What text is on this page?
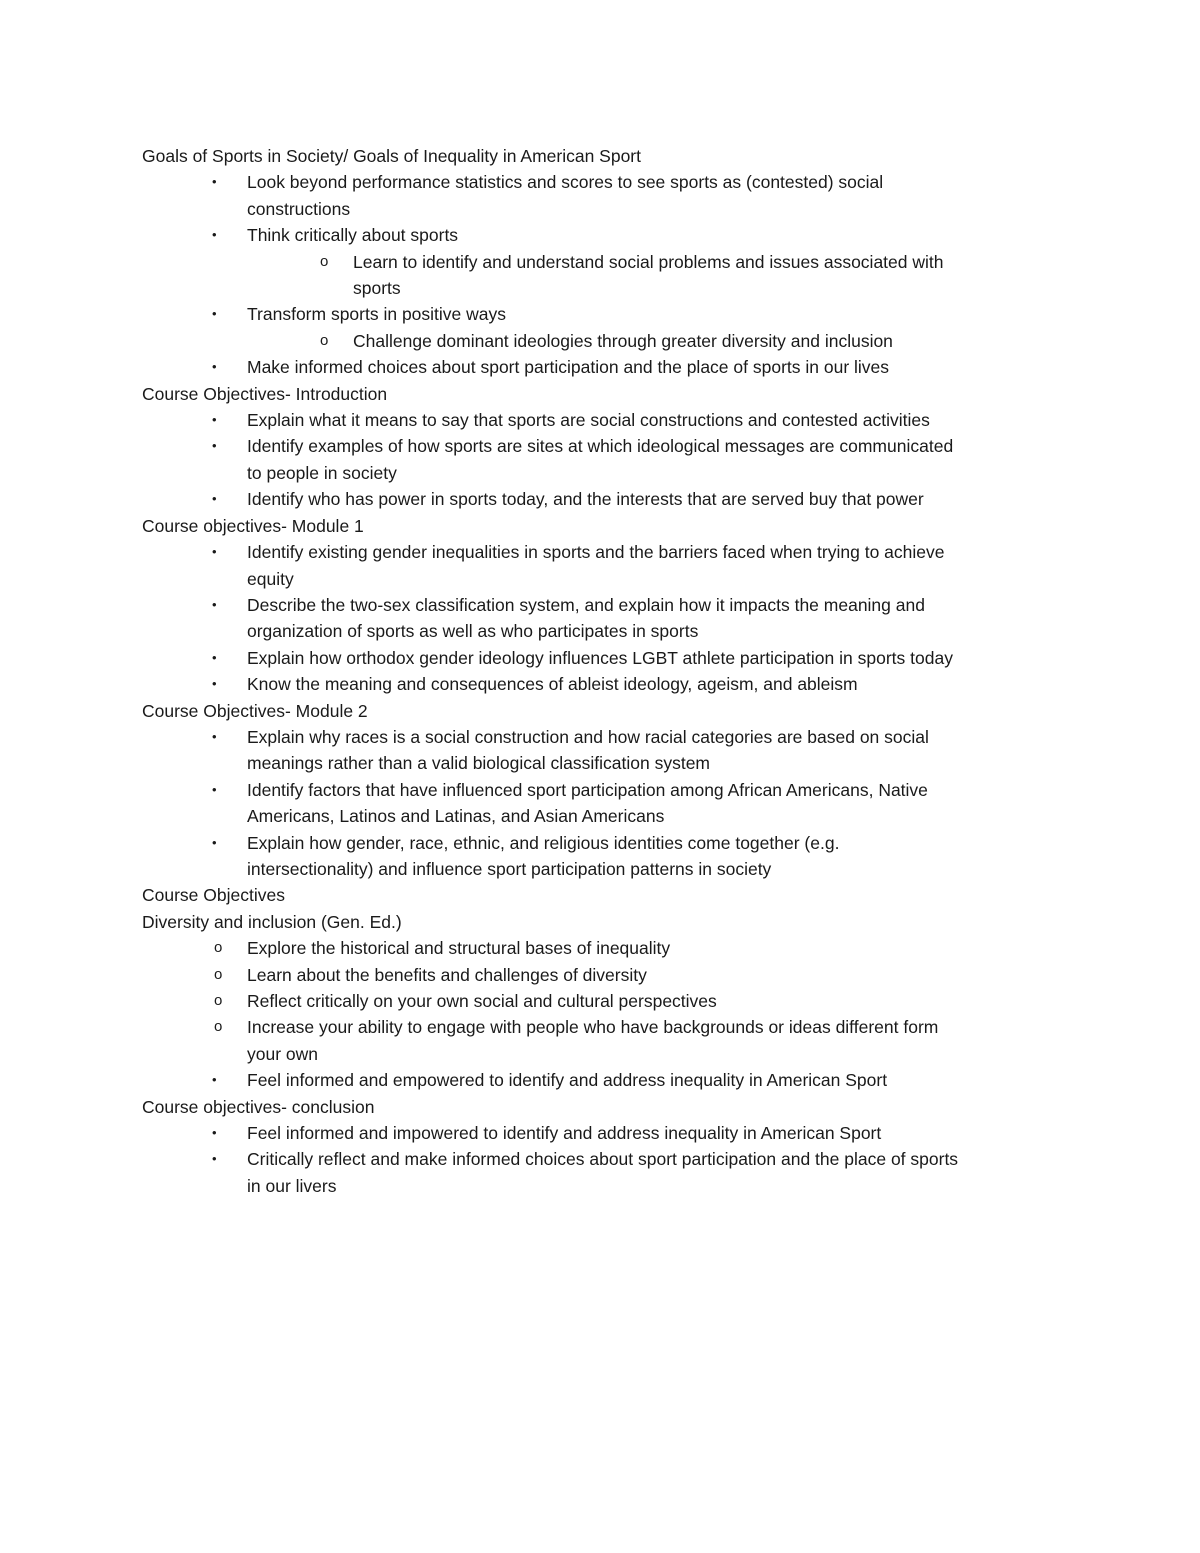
Goals of Sports in Society/ Goals of Inequality in American Sport
• Look beyond performance statistics and scores to see sports as (contested) social
constructions
• Think critically about sports
o Learn to identify and understand social problems and issues associated with
sports
• Transform sports in positive ways
o Challenge dominant ideologies through greater diversity and inclusion
• Make informed choices about sport participation and the place of sports in our lives
Course Objectives- Introduction
• Explain what it means to say that sports are social constructions and contested activities
• Identify examples of how sports are sites at which ideological messages are communicated
to people in society
• Identify who has power in sports today, and the interests that are served buy that power
Course objectives- Module 1
• Identify existing gender inequalities in sports and the barriers faced when trying to achieve
equity
• Describe the two-sex classification system, and explain how it impacts the meaning and
organization of sports as well as who participates in sports
• Explain how orthodox gender ideology influences LGBT athlete participation in sports today
• Know the meaning and consequences of ableist ideology, ageism, and ableism
Course Objectives- Module 2
• Explain why races is a social construction and how racial categories are based on social
meanings rather than a valid biological classification system
• Identify factors that have influenced sport participation among African Americans, Native
Americans, Latinos and Latinas, and Asian Americans
• Explain how gender, race, ethnic, and religious identities come together (e.g.
intersectionality) and influence sport participation patterns in society
Course Objectives
Diversity and inclusion (Gen. Ed.)
o Explore the historical and structural bases of inequality
o Learn about the benefits and challenges of diversity
o Reflect critically on your own social and cultural perspectives
o Increase your ability to engage with people who have backgrounds or ideas different form
your own
• Feel informed and empowered to identify and address inequality in American Sport
Course objectives- conclusion
• Feel informed and impowered to identify and address inequality in American Sport
• Critically reflect and make informed choices about sport participation and the place of sports
in our livers
